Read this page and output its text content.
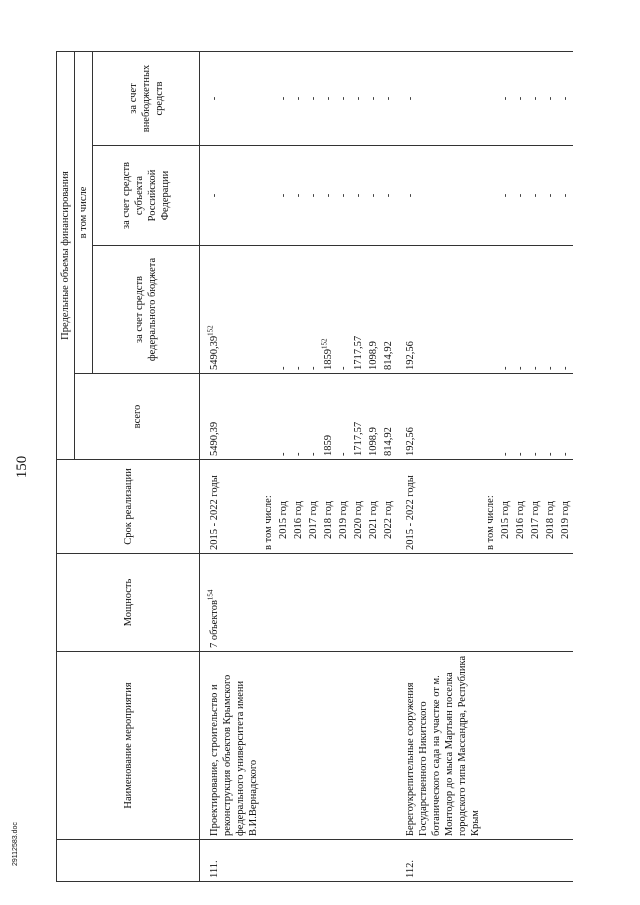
150
	Наименование мероприятия	Мощность	Срок реализации	Предельные объемы финансирования			
				всего	в том числе		
					за счет средств федерального бюджета	за счет средств субъекта Российской Федерации	за счет внебюджетных средств
111.	Проектирование, строительство и реконструкция объектов Крымского федерального университета имени В.И.Вернадского	7 объектов$^{154}$	2015 - 2022 годы	5490,39	5490,39$^{152}$	-	-
			в том числе:				
			2015 год	-	-	-	-
			2016 год	-	-	-	-
			2017 год	-	-	-	-
			2018 год	1859	1859$^{152}$	-	-
			2019 год	-	-	-	-
			2020 год	1717,57	1717,57	-	-
			2021 год	1098,9	1098,9	-	-
			2022 год	814,92	814,92	-	-
112.	Берегоукрепительные сооружения Государственного Никитского ботанического сада на участке от м. Монтодор до мыса Мартьян поселка городского типа Массандра, Республика Крым		2015 - 2022 годы	192,56	192,56	-	-
			в том числе:				
			2015 год	-	-	-	-
			2016 год	-	-	-	-
			2017 год	-	-	-	-
			2018 год	-	-	-	-
			2019 год	-	-	-	-
29112583.doc
